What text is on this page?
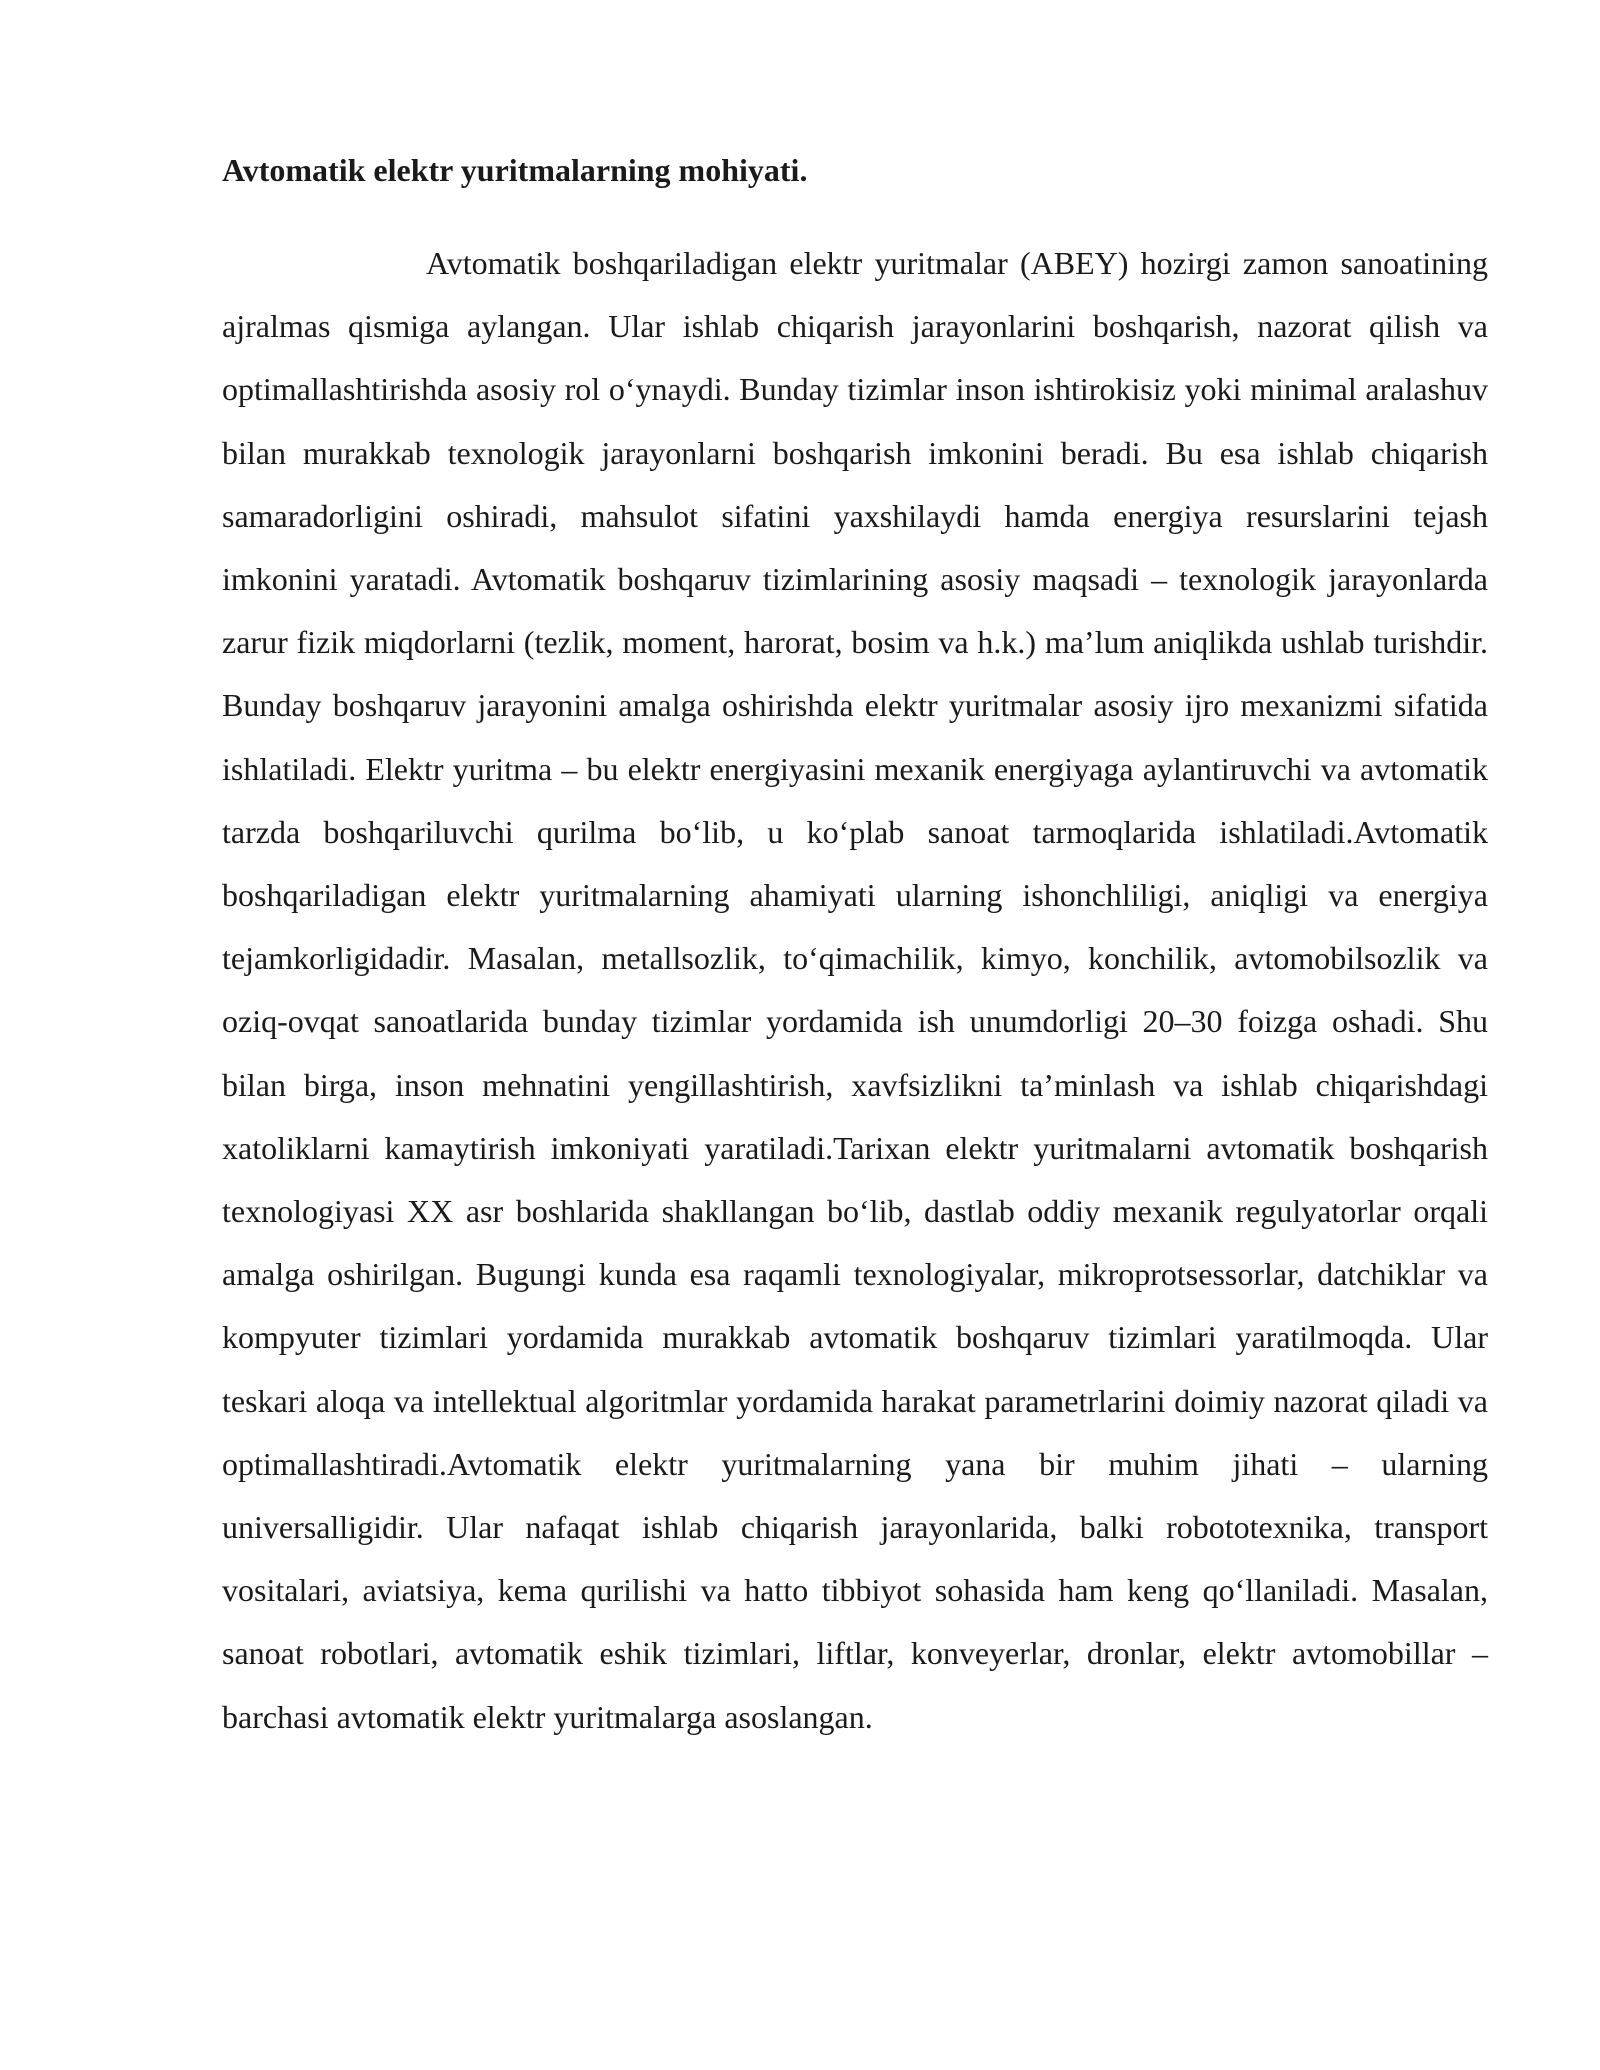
Avtomatik elektr yuritmalarning mohiyati.

Avtomatik boshqariladigan elektr yuritmalar (ABEY) hozirgi zamon sanoatining ajralmas qismiga aylangan. Ular ishlab chiqarish jarayonlarini boshqarish, nazorat qilish va optimallashtirishda asosiy rol o‘ynaydi. Bunday tizimlar inson ishtirokisiz yoki minimal aralashuv bilan murakkab texnologik jarayonlarni boshqarish imkonini beradi. Bu esa ishlab chiqarish samaradorligini oshiradi, mahsulot sifatini yaxshilaydi hamda energiya resurslarini tejash imkonini yaratadi. Avtomatik boshqaruv tizimlarining asosiy maqsadi – texnologik jarayonlarda zarur fizik miqdorlarni (tezlik, moment, harorat, bosim va h.k.) ma’lum aniqlikda ushlab turishdir. Bunday boshqaruv jarayonini amalga oshirishda elektr yuritmalar asosiy ijro mexanizmi sifatida ishlatiladi. Elektr yuritma – bu elektr energiyasini mexanik energiyaga aylantiruvchi va avtomatik tarzda boshqariluvchi qurilma bo‘lib, u ko‘plab sanoat tarmoqlarida ishlatiladi.Avtomatik boshqariladigan elektr yuritmalarning ahamiyati ularning ishonchliligi, aniqligi va energiya tejamkorligidadir. Masalan, metallsozlik, to‘qimachilik, kimyo, konchilik, avtomobilsozlik va oziq-ovqat sanoatlarida bunday tizimlar yordamida ish unumdorligi 20–30 foizga oshadi. Shu bilan birga, inson mehnatini yengillashtirish, xavfsizlikni ta’minlash va ishlab chiqarishdagi xatoliklarni kamaytirish imkoniyati yaratiladi.Tarixan elektr yuritmalarni avtomatik boshqarish texnologiyasi XX asr boshlarida shakllangan bo‘lib, dastlab oddiy mexanik regulyatorlar orqali amalga oshirilgan. Bugungi kunda esa raqamli texnologiyalar, mikroprotsessorlar, datchiklar va kompyuter tizimlari yordamida murakkab avtomatik boshqaruv tizimlari yaratilmoqda. Ular teskari aloqa va intellektual algoritmlar yordamida harakat parametrlarini doimiy nazorat qiladi va optimallashtiradi.Avtomatik elektr yuritmalarning yana bir muhim jihati – ularning universalligidir. Ular nafaqat ishlab chiqarish jarayonlarida, balki robototexnika, transport vositalari, aviatsiya, kema qurilishi va hatto tibbiyot sohasida ham keng qo‘llaniladi. Masalan, sanoat robotlari, avtomatik eshik tizimlari, liftlar, konveyerlar, dronlar, elektr avtomobillar – barchasi avtomatik elektr yuritmalarga asoslangan.
